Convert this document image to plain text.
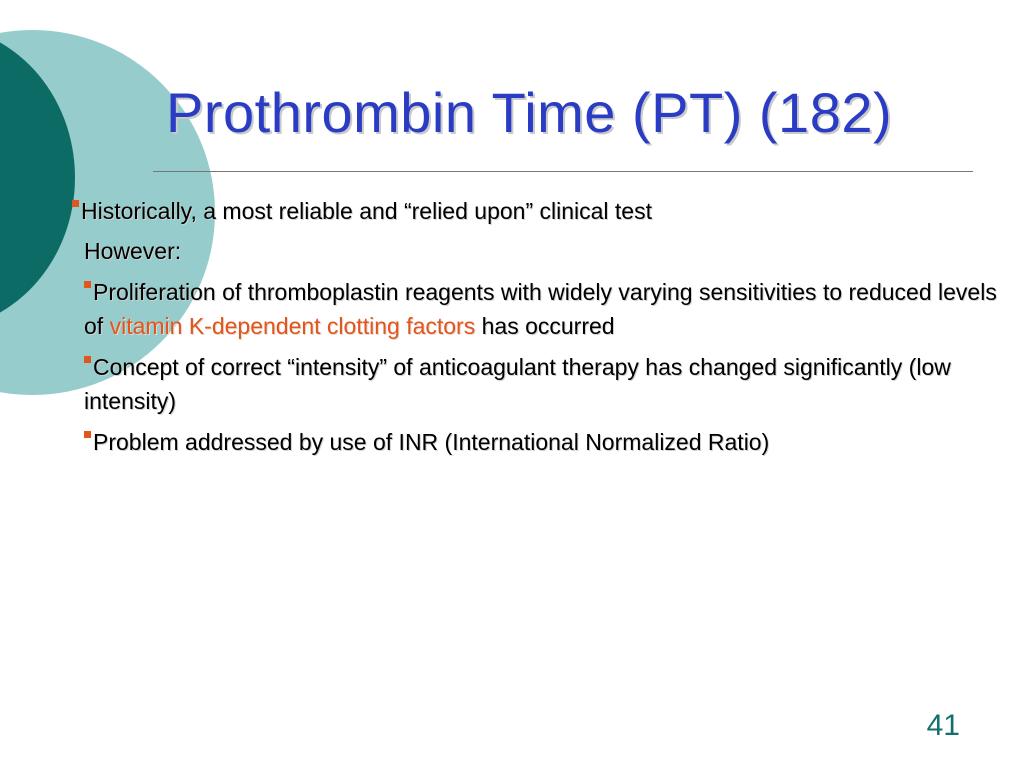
Prothrombin Time (PT) (182)
Historically, a most reliable and “relied upon” clinical test
However:
Proliferation of thromboplastin reagents with widely varying sensitivities to reduced levels of vitamin K-dependent clotting factors has occurred
Concept of correct “intensity” of anticoagulant therapy has changed significantly (low intensity)
Problem addressed by use of INR (International Normalized Ratio)
41
